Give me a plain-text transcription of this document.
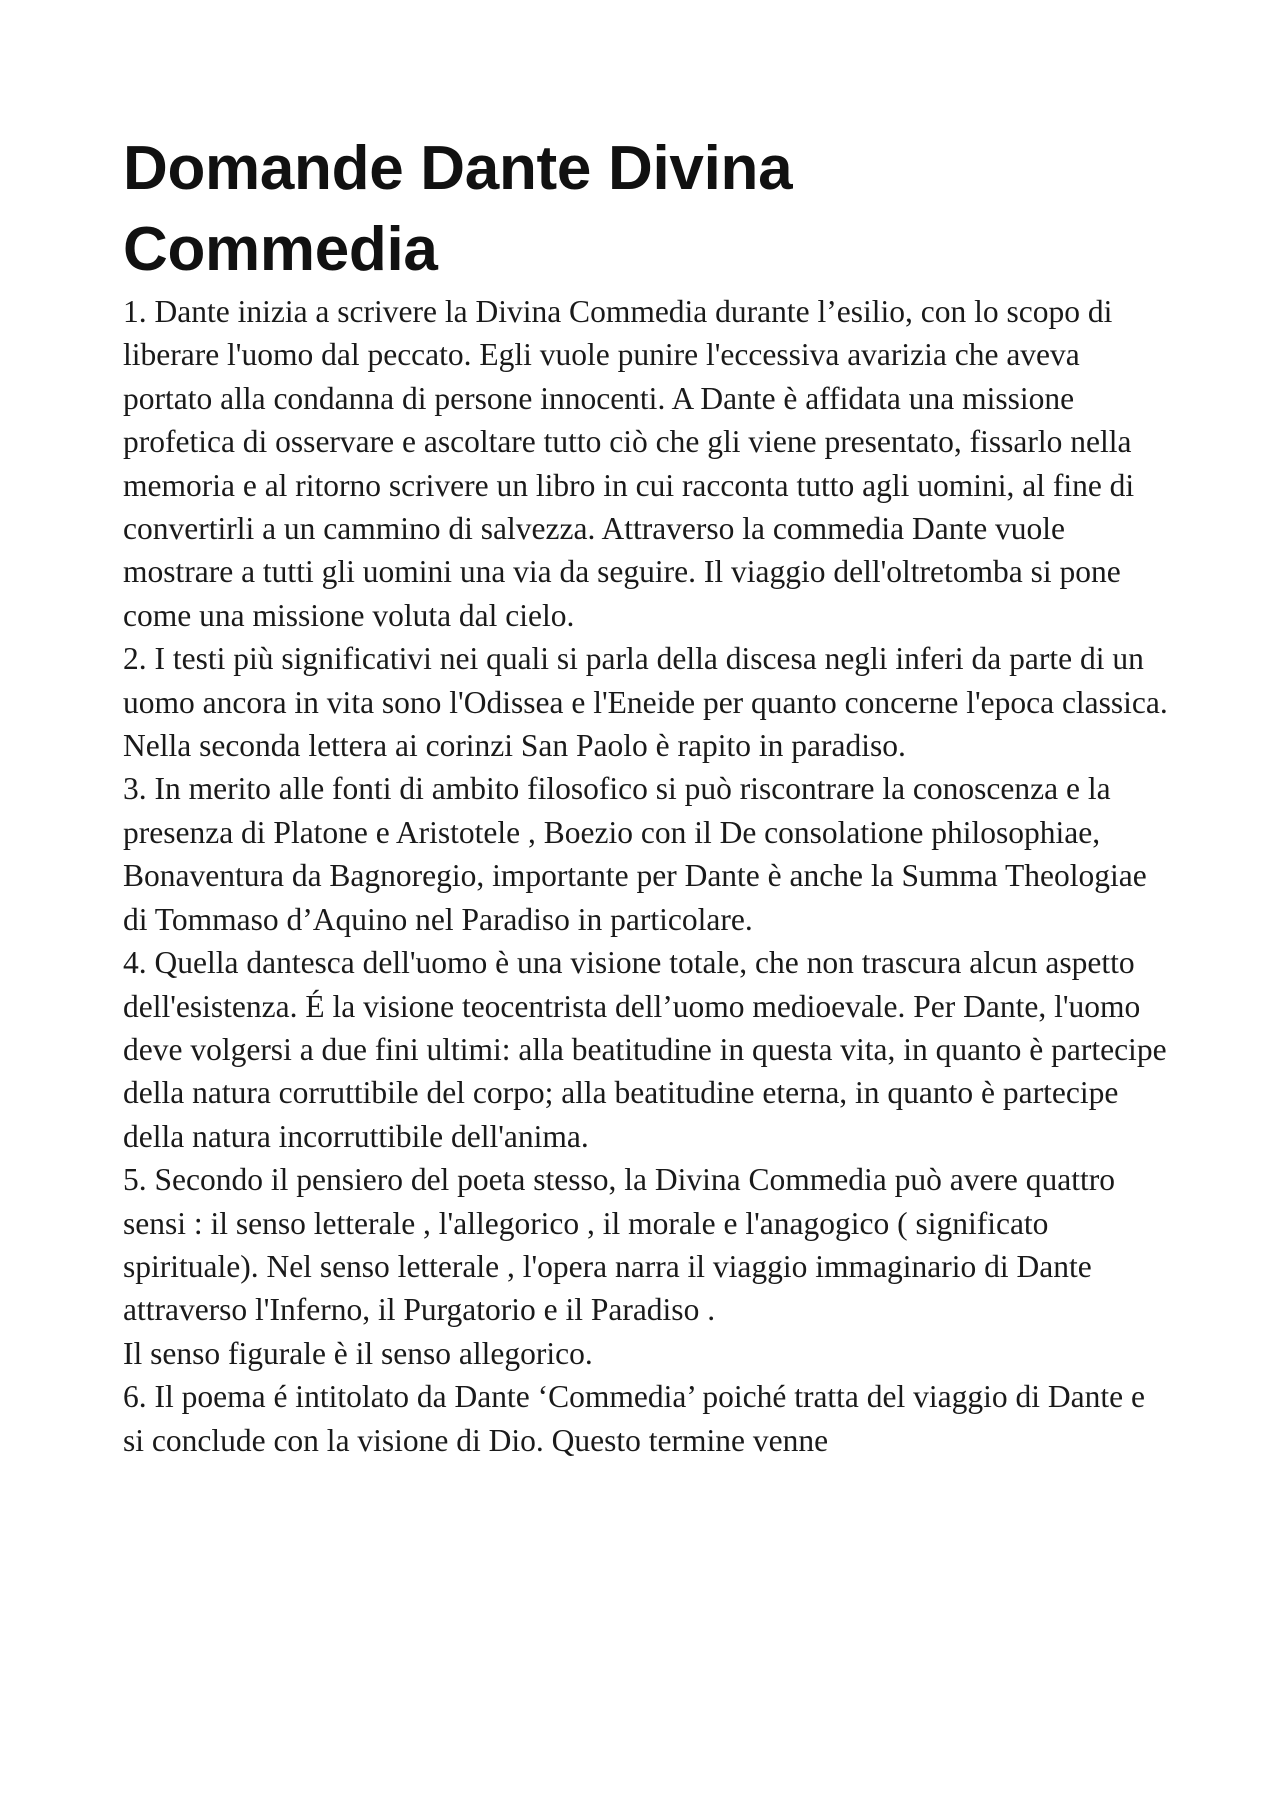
Domande Dante Divina
Commedia

1. Dante inizia a scrivere la Divina Commedia durante l’esilio, con lo scopo di liberare l'uomo dal peccato. Egli vuole punire l'eccessiva avarizia che aveva portato alla condanna di persone innocenti. A Dante è affidata una missione profetica di osservare e ascoltare tutto ciò che gli viene presentato, fissarlo nella memoria e al ritorno scrivere un libro in cui racconta tutto agli uomini, al fine di convertirli a un cammino di salvezza. Attraverso la commedia Dante vuole mostrare a tutti gli uomini una via da seguire. Il viaggio dell'oltretomba si pone come una missione voluta dal cielo.

2. I testi più significativi nei quali si parla della discesa negli inferi da parte di un uomo ancora in vita sono l'Odissea e l'Eneide per quanto concerne l'epoca classica. Nella seconda lettera ai corinzi San Paolo è rapito in paradiso.

3. In merito alle fonti di ambito filosofico si può riscontrare la conoscenza e la presenza di Platone e Aristotele , Boezio con il De consolatione philosophiae, Bonaventura da Bagnoregio, importante per Dante è anche la Summa Theologiae di Tommaso d’Aquino nel Paradiso in particolare.

4. Quella dantesca dell'uomo è una visione totale, che non trascura alcun aspetto dell'esistenza. É la visione teocentrista dell’uomo medioevale. Per Dante, l'uomo deve volgersi a due fini ultimi: alla beatitudine in questa vita, in quanto è partecipe della natura corruttibile del corpo; alla beatitudine eterna, in quanto è partecipe della natura incorruttibile dell'anima.

5. Secondo il pensiero del poeta stesso, la Divina Commedia può avere quattro sensi : il senso letterale , l'allegorico , il morale e l'anagogico ( significato spirituale). Nel senso letterale , l'opera narra il viaggio immaginario di Dante attraverso l'Inferno, il Purgatorio e il Paradiso .

Il senso figurale è il senso allegorico.

6. Il poema é intitolato da Dante ‘Commedia’ poiché tratta del viaggio di Dante e si conclude con la visione di Dio. Questo termine venne
